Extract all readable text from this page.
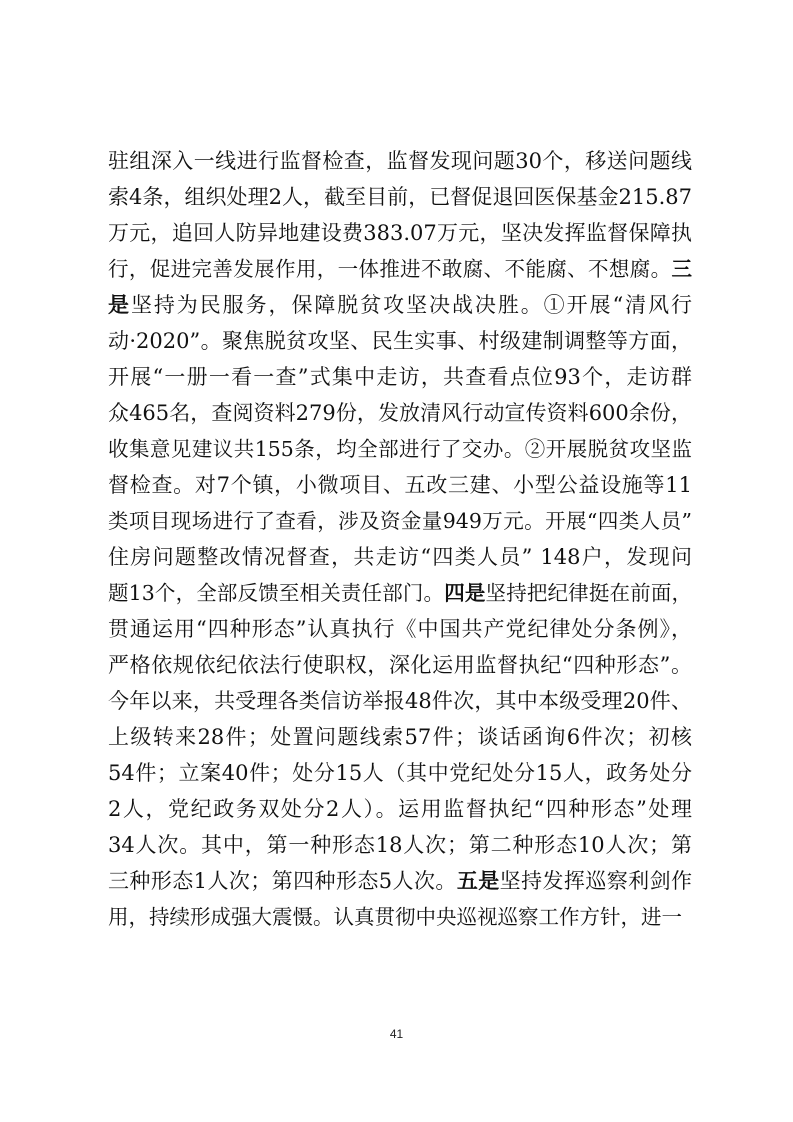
驻组深入一线进行监督检查，监督发现问题30个，移送问题线
索4条，组织处理2人，截至目前，已督促退回医保基金215.87
万元，追回人防异地建设费383.07万元，坚决发挥监督保障执
行，促进完善发展作用，一体推进不敢腐、不能腐、不想腐。三
是坚持为民服务，保障脱贫攻坚决战决胜。①开展“清风行
动·2020”。聚焦脱贫攻坚、民生实事、村级建制调整等方面，
开展“一册一看一查”式集中走访，共查看点位93个，走访群
众465名，查阅资料279份，发放清风行动宣传资料600余份，
收集意见建议共155条，均全部进行了交办。②开展脱贫攻坚监
督检查。对7个镇，小微项目、五改三建、小型公益设施等11
类项目现场进行了查看，涉及资金量949万元。开展“四类人员”
住房问题整改情况督查，共走访“四类人员” 148户，发现问
题13个，全部反馈至相关责任部门。四是坚持把纪律挺在前面，
贯通运用“四种形态”认真执行《中国共产党纪律处分条例》，
严格依规依纪依法行使职权，深化运用监督执纪“四种形态”。
今年以来，共受理各类信访举报48件次，其中本级受理20件、
上级转来28件；处置问题线索57件；谈话函询6件次；初核
54件；立案40件；处分15人（其中党纪处分15人，政务处分
2人，党纪政务双处分2人）。运用监督执纪“四种形态”处理
34人次。其中，第一种形态18人次；第二种形态10人次；第
三种形态1人次；第四种形态5人次。五是坚持发挥巡察利剑作
用，持续形成强大震慑。认真贯彻中央巡视巡察工作方针，进一
41
